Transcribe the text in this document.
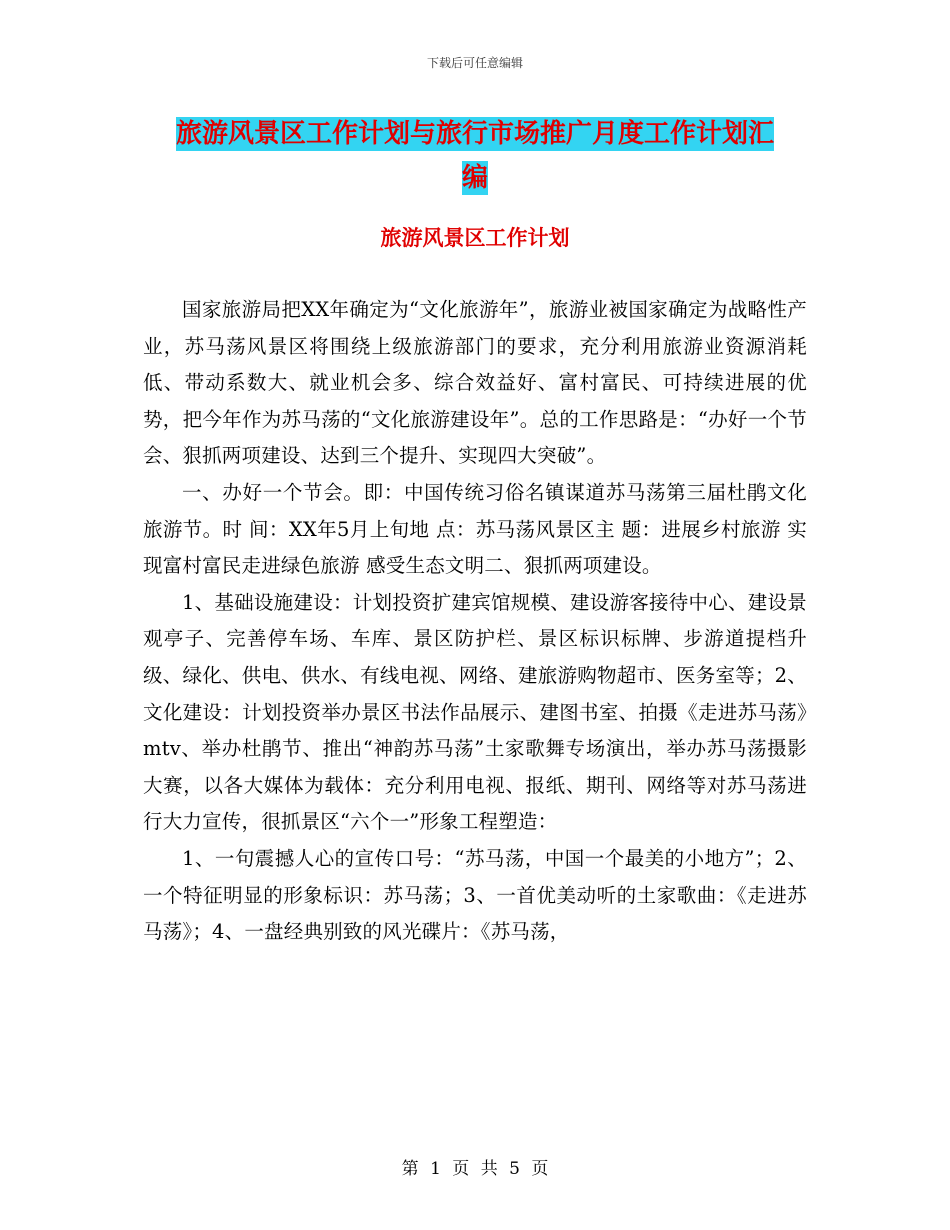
下载后可任意编辑
旅游风景区工作计划与旅行市场推广月度工作计划汇
编
旅游风景区工作计划

国家旅游局把XX年确定为“文化旅游年”，旅游业被国家确定为战略性产业，苏马荡风景区将围绕上级旅游部门的要求，充分利用旅游业资源消耗低、带动系数大、就业机会多、综合效益好、富村富民、可持续进展的优势，把今年作为苏马荡的“文化旅游建设年”。总的工作思路是：“办好一个节会、狠抓两项建设、达到三个提升、实现四大突破”。

一、办好一个节会。即：中国传统习俗名镇谋道苏马荡第三届杜鹃文化旅游节。时 间：XX年5月上旬地 点：苏马荡风景区主 题：进展乡村旅游 实现富村富民走进绿色旅游 感受生态文明二、狠抓两项建设。

1、基础设施建设：计划投资扩建宾馆规模、建设游客接待中心、建设景观亭子、完善停车场、车库、景区防护栏、景区标识标牌、步游道提档升级、绿化、供电、供水、有线电视、网络、建旅游购物超市、医务室等；2、文化建设：计划投资举办景区书法作品展示、建图书室、拍摄《走进苏马荡》mtv、举办杜鹃节、推出“神韵苏马荡”土家歌舞专场演出，举办苏马荡摄影大赛，以各大媒体为载体：充分利用电视、报纸、期刊、网络等对苏马荡进行大力宣传，很抓景区“六个一”形象工程塑造：

1、一句震撼人心的宣传口号：“苏马荡，中国一个最美的小地方”；2、一个特征明显的形象标识：苏马荡；3、一首优美动听的土家歌曲：《走进苏马荡》；4、一盘经典别致的风光碟片：《苏马荡，

第 1 页 共 5 页
